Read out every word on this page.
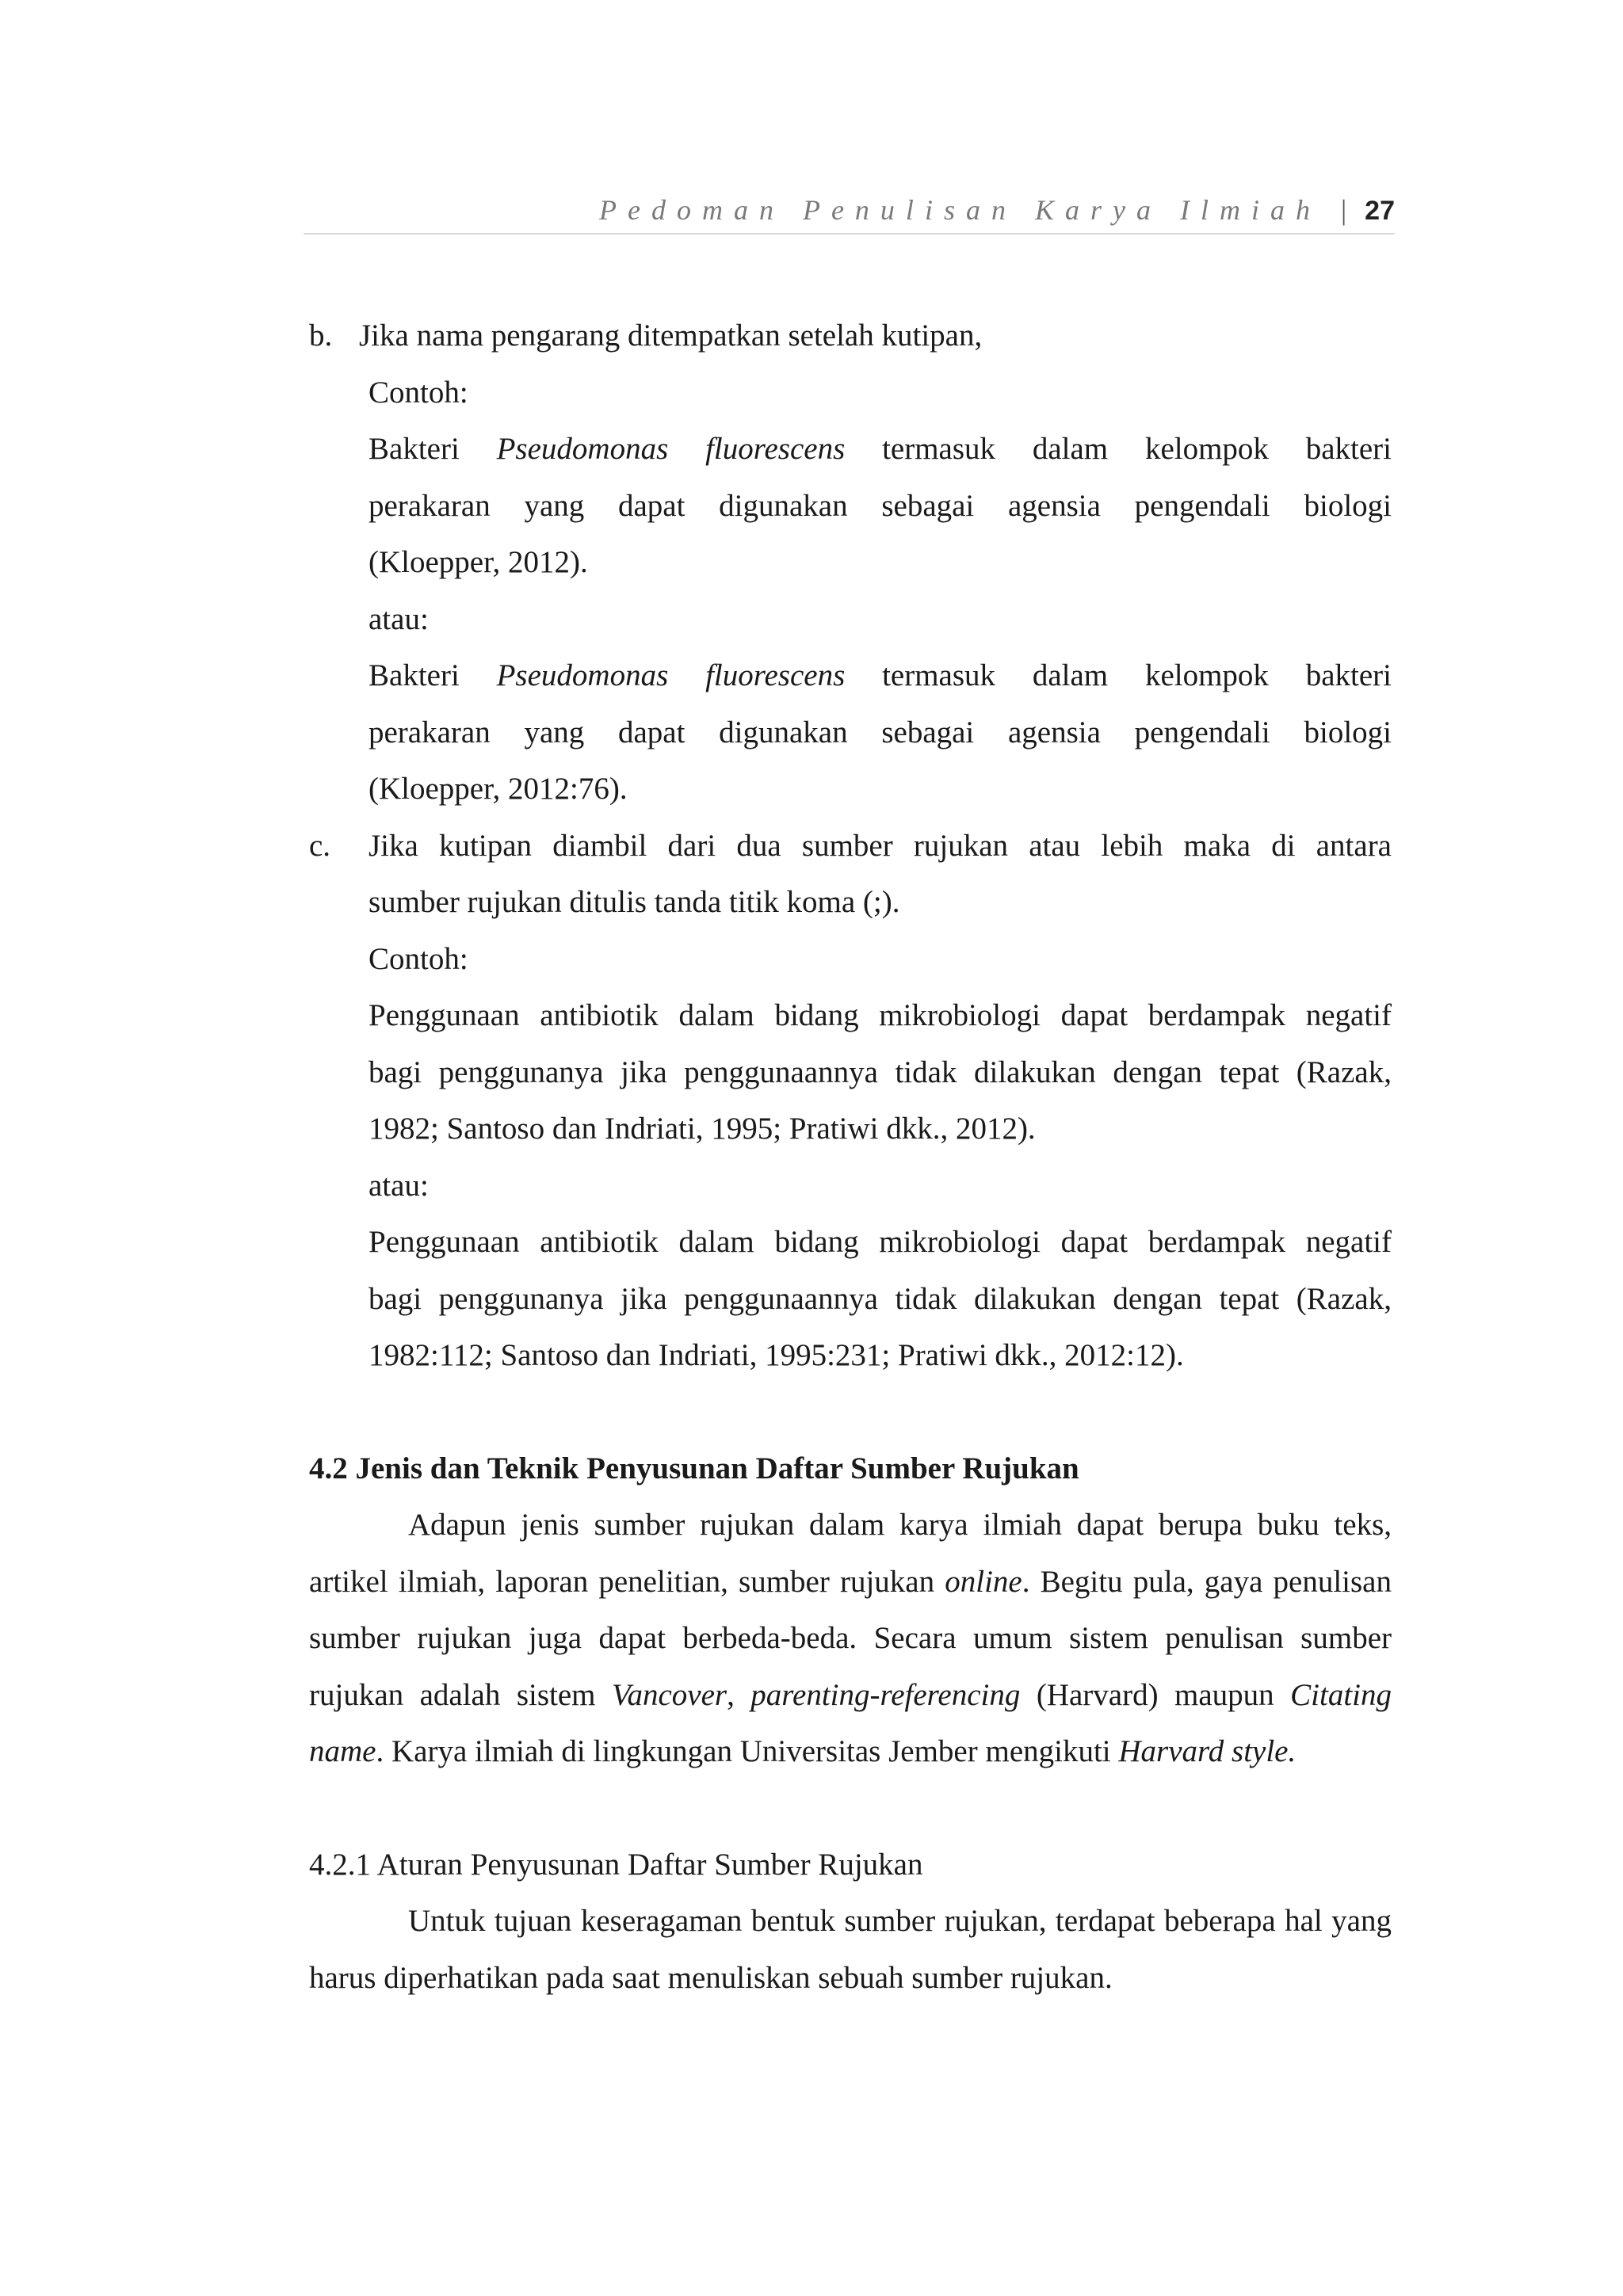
Pedoman Penulisan Karya Ilmiah | 27
b. Jika nama pengarang ditempatkan setelah kutipan,
Contoh:
Bakteri Pseudomonas fluorescens termasuk dalam kelompok bakteri
perakaran yang dapat digunakan sebagai agensia pengendali biologi
(Kloepper, 2012).
atau:
Bakteri Pseudomonas fluorescens termasuk dalam kelompok bakteri
perakaran yang dapat digunakan sebagai agensia pengendali biologi
(Kloepper, 2012:76).
c.	Jika kutipan diambil dari dua sumber rujukan atau lebih maka di antara
sumber rujukan ditulis tanda titik koma (;).
Contoh:
Penggunaan antibiotik dalam bidang mikrobiologi dapat berdampak negatif
bagi penggunanya jika penggunaannya tidak dilakukan dengan tepat (Razak,
1982; Santoso dan Indriati, 1995; Pratiwi dkk., 2012).
atau:
Penggunaan antibiotik dalam bidang mikrobiologi dapat berdampak negatif
bagi penggunanya jika penggunaannya tidak dilakukan dengan tepat (Razak,
1982:112; Santoso dan Indriati, 1995:231; Pratiwi dkk., 2012:12).
4.2 Jenis dan Teknik Penyusunan Daftar Sumber Rujukan
Adapun jenis sumber rujukan dalam karya ilmiah dapat berupa buku teks, artikel ilmiah, laporan penelitian, sumber rujukan online. Begitu pula, gaya penulisan sumber rujukan juga dapat berbeda-beda. Secara umum sistem penulisan sumber rujukan adalah sistem Vancover, parenting-referencing (Harvard) maupun Citating name. Karya ilmiah di lingkungan Universitas Jember mengikuti Harvard style.
4.2.1 Aturan Penyusunan Daftar Sumber Rujukan
Untuk tujuan keseragaman bentuk sumber rujukan, terdapat beberapa hal yang harus diperhatikan pada saat menuliskan sebuah sumber rujukan.
